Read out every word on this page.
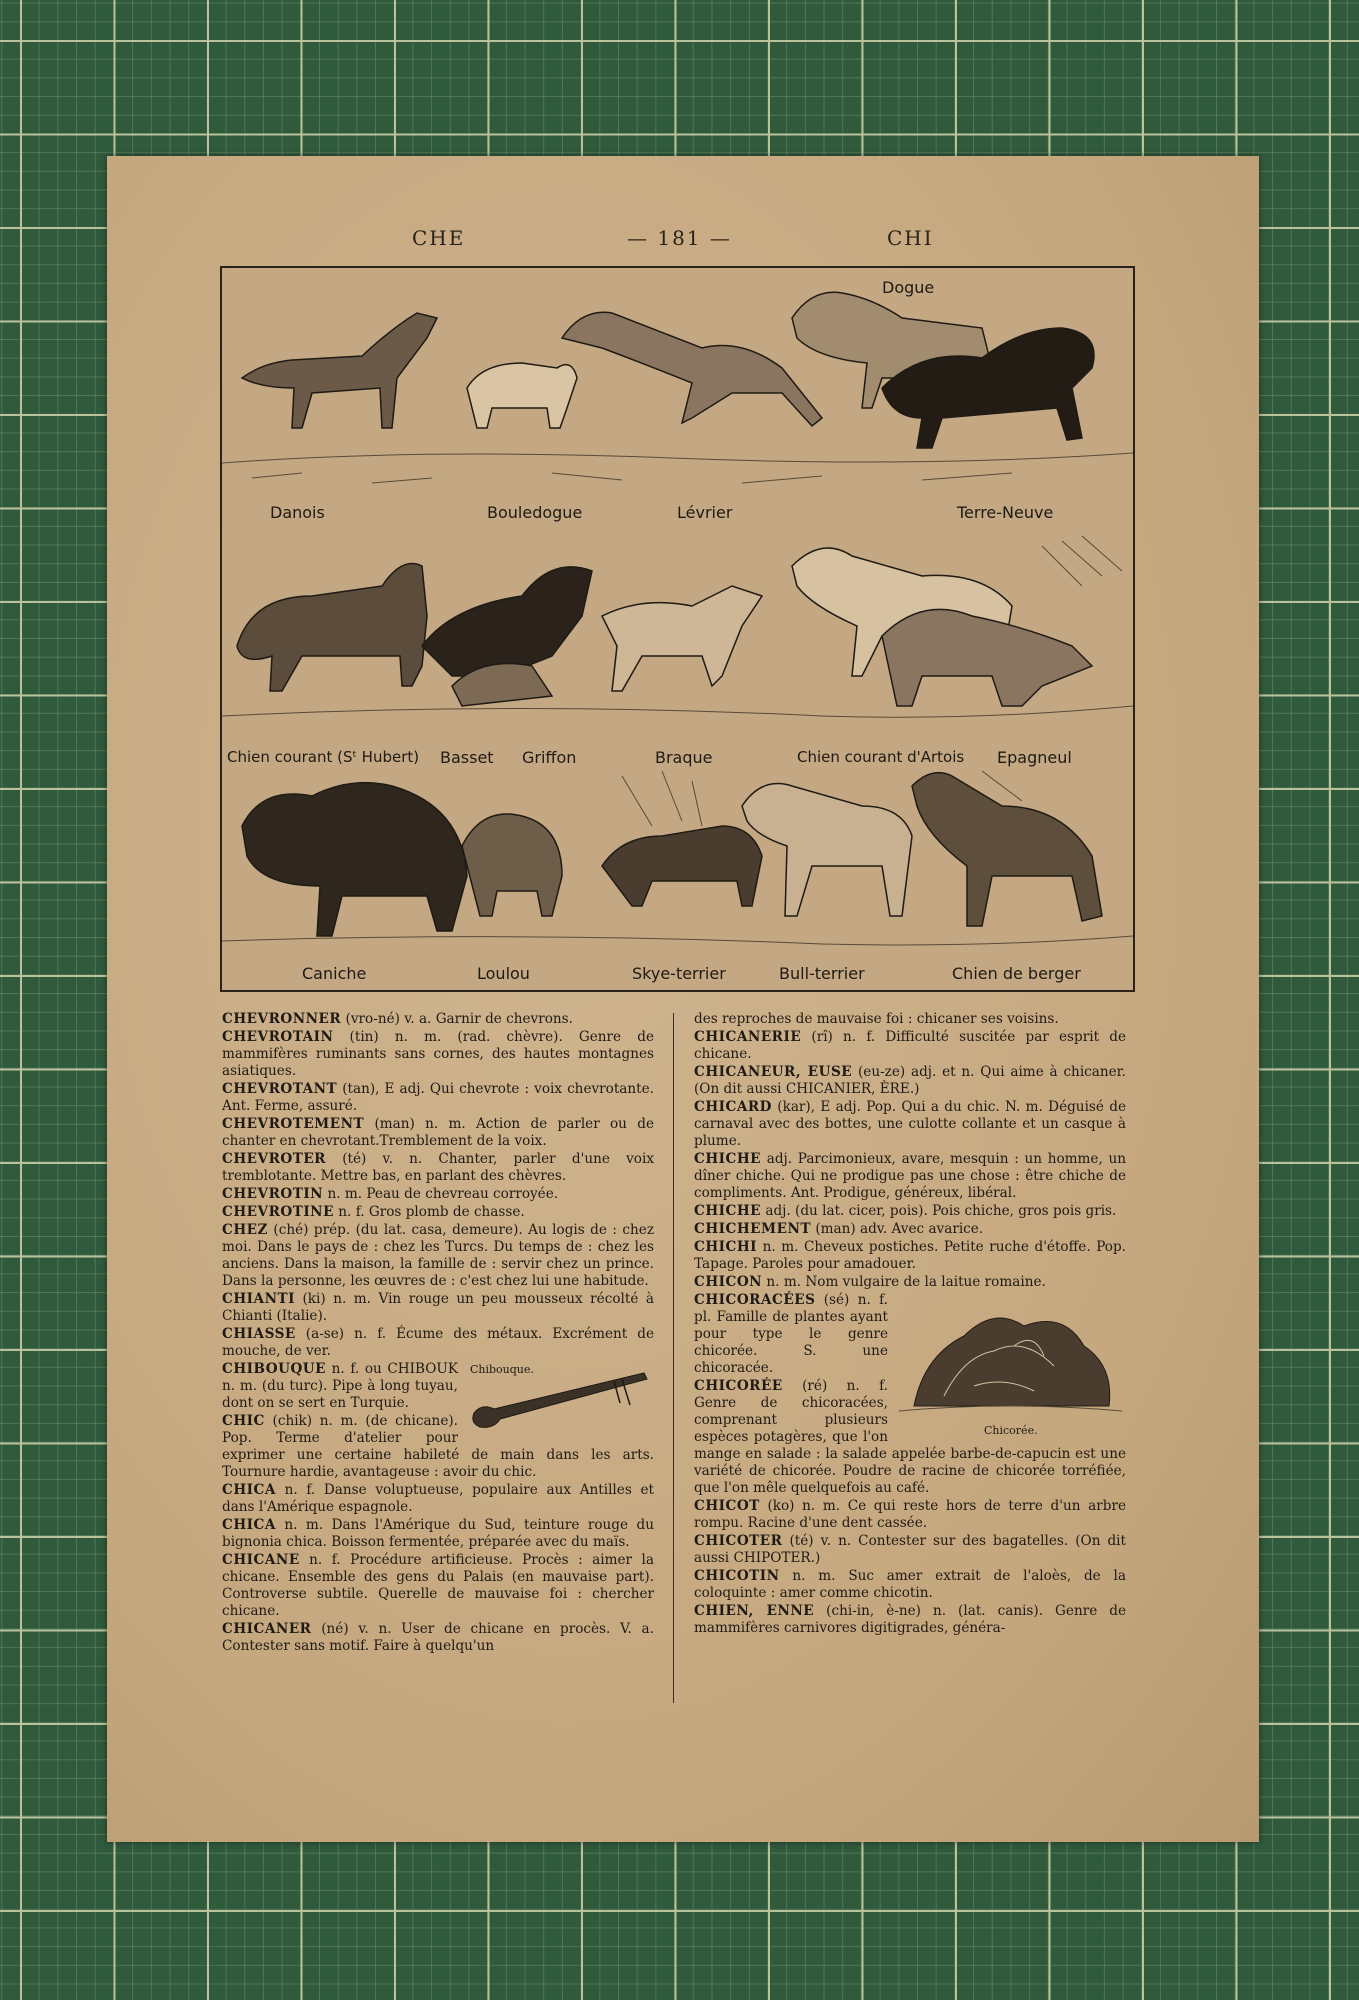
CHE	— 181 —	CHI
Danois	Bouledogue	Lévrier
Dogue
Terre-Neuve
Chien courant (Sᵗ Hubert) Basset Griffon	Braque	Chien courant d'Artois Epagneul
Caniche	Loulou	Skye-terrier	Bull-terrier	Chien de berger
CHEVRONNER (vro-né) v. a. Garnir de chevrons.
CHEVROTAIN (tin) n. m. (rad. chèvre). Genre de mammifères ruminants sans cornes, des hautes montagnes asiatiques.
CHEVROTANT (tan), E adj. Qui chevrote : voix chevrotante. Ant. Ferme, assuré.
CHEVROTEMENT (man) n. m. Action de parler ou de chanter en chevrotant.Tremblement de la voix.
CHEVROTER (té) v. n. Chanter, parler d'une voix tremblotante. Mettre bas, en parlant des chèvres.
CHEVROTIN n. m. Peau de chevreau corroyée.
CHEVROTINE n. f. Gros plomb de chasse.
CHEZ (ché) prép. (du lat. casa, demeure). Au logis de : chez moi. Dans le pays de : chez les Turcs. Du temps de : chez les anciens. Dans la maison, la famille de : servir chez un prince. Dans la personne, les œuvres de : c'est chez lui une habitude.
CHIANTI (ki) n. m. Vin rouge un peu mousseux récolté à Chianti (Italie).
CHIASSE (a-se) n. f. Écume des métaux. Excrément de mouche, de ver.
Chibouque.
CHIBOUQUE n. f. ou CHIBOUK n. m. (du turc). Pipe à long tuyau, dont on se sert en Turquie.
CHIC (chik) n. m. (de chicane). Pop. Terme d'atelier pour exprimer une certaine habileté de main dans les arts. Tournure hardie, avantageuse : avoir du chic.
CHICA n. f. Danse voluptueuse, populaire aux Antilles et dans l'Amérique espagnole.
CHICA n. m. Dans l'Amérique du Sud, teinture rouge du bignonia chica. Boisson fermentée, préparée avec du maïs.
CHICANE n. f. Procédure artificieuse. Procès : aimer la chicane. Ensemble des gens du Palais (en mauvaise part). Controverse subtile. Querelle de mauvaise foi : chercher chicane.
CHICANER (né) v. n. User de chicane en procès. V. a. Contester sans motif. Faire à quelqu'un
des reproches de mauvaise foi : chicaner ses voisins.
CHICANERIE (rî) n. f. Difficulté suscitée par esprit de chicane.
CHICANEUR, EUSE (eu-ze) adj. et n. Qui aime à chicaner. (On dit aussi CHICANIER, ÈRE.)
CHICARD (kar), E adj. Pop. Qui a du chic. N. m. Déguisé de carnaval avec des bottes, une culotte collante et un casque à plume.
CHICHE adj. Parcimonieux, avare, mesquin : un homme, un dîner chiche. Qui ne prodigue pas une chose : être chiche de compliments. Ant. Prodigue, généreux, libéral.
CHICHE adj. (du lat. cicer, pois). Pois chiche, gros pois gris.
CHICHEMENT (man) adv. Avec avarice.
CHICHI n. m. Cheveux postiches. Petite ruche d'étoffe. Pop. Tapage. Paroles pour amadouer.
CHICON n. m. Nom vulgaire de la laitue romaine.
Chicorée.
CHICORACÉES (sé) n. f. pl. Famille de plantes ayant pour type le genre chicorée. S. une chicoracée.
CHICORÉE (ré) n. f. Genre de chicoracées, comprenant plusieurs espèces potagères, que l'on mange en salade : la salade appelée barbe-de-capucin est une variété de chicorée. Poudre de racine de chicorée torréfiée, que l'on mêle quelquefois au café.
CHICOT (ko) n. m. Ce qui reste hors de terre d'un arbre rompu. Racine d'une dent cassée.
CHICOTER (té) v. n. Contester sur des bagatelles. (On dit aussi CHIPOTER.)
CHICOTIN n. m. Suc amer extrait de l'aloès, de la coloquinte : amer comme chicotin.
CHIEN, ENNE (chi-in, è-ne) n. (lat. canis). Genre de mammifères carnivores digitigrades, généra-
